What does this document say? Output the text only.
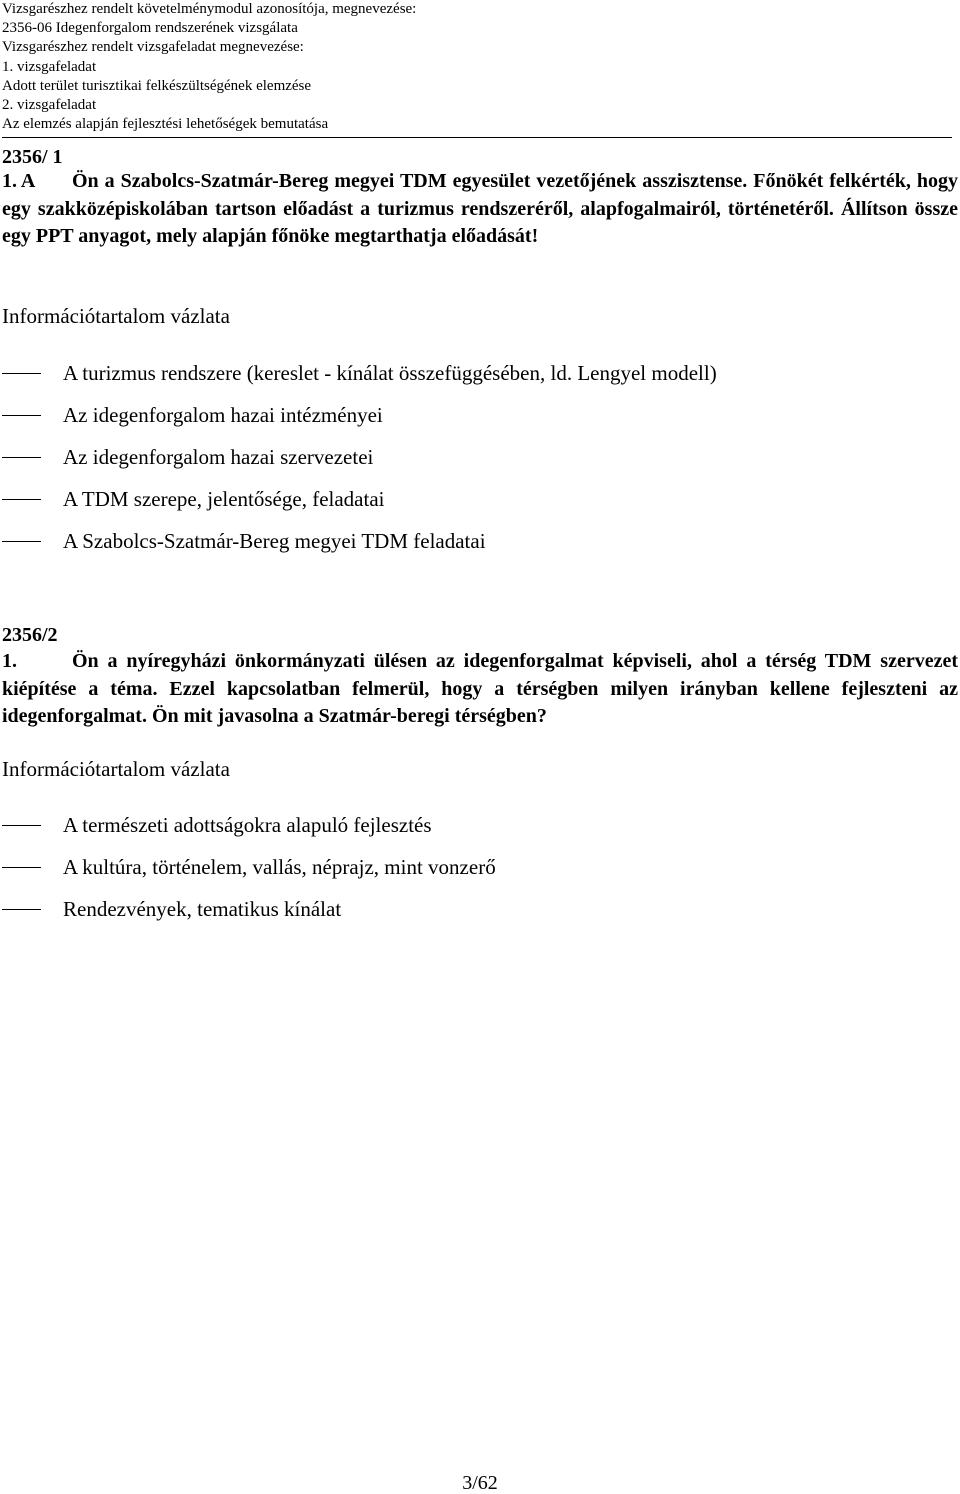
Vizsgarészhez rendelt követelménymodul azonosítója, megnevezése:
2356-06 Idegenforgalom rendszerének vizsgálata
Vizsgarészhez rendelt vizsgafeladat megnevezése:
1. vizsgafeladat
Adott terület turisztikai felkészültségének elemzése
2. vizsgafeladat
Az elemzés alapján fejlesztési lehetőségek bemutatása
2356/ 1
1. A Ön a Szabolcs-Szatmár-Bereg megyei TDM egyesület vezetőjének asszisztense. Főnökét felkérték, hogy egy szakközépiskolában tartson előadást a turizmus rendszeréről, alapfogalmairól, történetéről. Állítson össze egy PPT anyagot, mely alapján főnöke megtarthatja előadását!
Információtartalom vázlata
A turizmus rendszere (kereslet - kínálat összefüggésében, ld. Lengyel modell)
Az idegenforgalom hazai intézményei
Az idegenforgalom hazai szervezetei
A TDM szerepe, jelentősége, feladatai
A Szabolcs-Szatmár-Bereg megyei TDM feladatai
2356/2
1.	Ön a nyíregyházi önkormányzati ülésen az idegenforgalmat képviseli, ahol a térség TDM szervezet kiépítése a téma. Ezzel kapcsolatban felmerül, hogy a térségben milyen irányban kellene fejleszteni az idegenforgalmat. Ön mit javasolna a Szatmár-beregi térségben?
Információtartalom vázlata
A természeti adottságokra alapuló fejlesztés
A kultúra, történelem, vallás, néprajz, mint vonzerő
Rendezvények, tematikus kínálat
3/62
